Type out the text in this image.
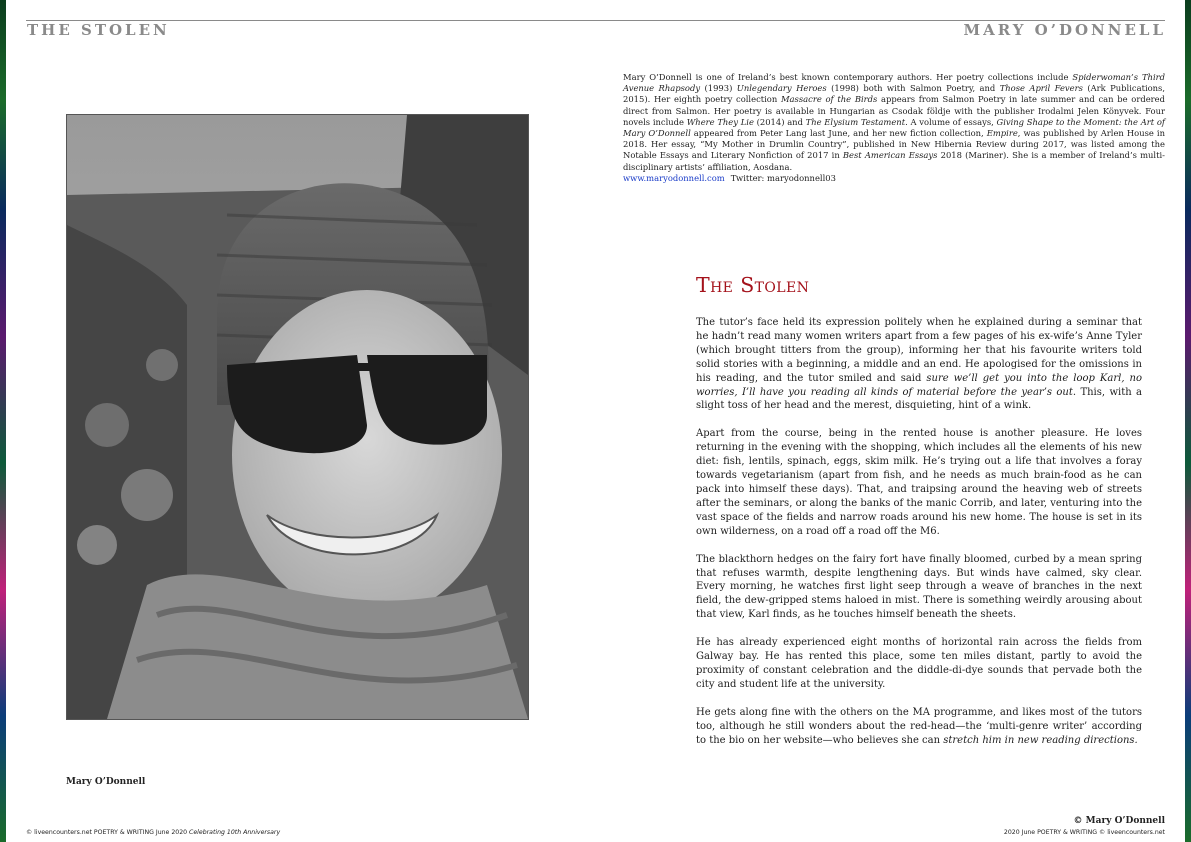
THE STOLEN	MARY O’DONNELL
Mary O’Donnell
Mary O’Donnell is one of Ireland’s best known contemporary authors. Her poetry collections include Spiderwoman’s Third Avenue Rhapsody (1993) Unlegendary Heroes (1998) both with Salmon Poetry, and Those April Fevers (Ark Publications, 2015). Her eighth poetry collection Massacre of the Birds appears from Salmon Poetry in late summer and can be ordered direct from Salmon. Her poetry is available in Hungarian as Csodak földje with the publisher Irodalmi Jelen Könyvek. Four novels include Where They Lie (2014) and The Elysium Testament. A volume of essays, Giving Shape to the Moment: the Art of Mary O’Donnell appeared from Peter Lang last June, and her new fiction collection, Empire, was published by Arlen House in 2018. Her essay, “My Mother in Drumlin Country”, published in New Hibernia Review during 2017, was listed among the Notable Essays and Literary Nonfiction of 2017 in Best American Essays 2018 (Mariner). She is a member of Ireland’s multi-disciplinary artists’ affiliation, Aosdana.
www.maryodonnell.com Twitter: maryodonnell03
The Stolen

The tutor’s face held its expression politely when he explained during a seminar that he hadn’t read many women writers apart from a few pages of his ex-wife’s Anne Tyler (which brought titters from the group), informing her that his favourite writers told solid stories with a beginning, a middle and an end. He apologised for the omissions in his reading, and the tutor smiled and said sure we’ll get you into the loop Karl, no worries, I’ll have you reading all kinds of material before the year’s out. This, with a slight toss of her head and the merest, disquieting, hint of a wink.

Apart from the course, being in the rented house is another pleasure. He loves returning in the evening with the shopping, which includes all the elements of his new diet: fish, lentils, spinach, eggs, skim milk. He’s trying out a life that involves a foray towards vegetarianism (apart from fish, and he needs as much brain-food as he can pack into himself these days). That, and traipsing around the heaving web of streets after the seminars, or along the banks of the manic Corrib, and later, venturing into the vast space of the fields and narrow roads around his new home. The house is set in its own wilderness, on a road off a road off the M6.

The blackthorn hedges on the fairy fort have finally bloomed, curbed by a mean spring that refuses warmth, despite lengthening days. But winds have calmed, sky clear. Every morning, he watches first light seep through a weave of branches in the next field, the dew-gripped stems haloed in mist. There is something weirdly arousing about that view, Karl finds, as he touches himself beneath the sheets.

He has already experienced eight months of horizontal rain across the fields from Galway bay. He has rented this place, some ten miles distant, partly to avoid the proximity of constant celebration and the diddle-di-dye sounds that pervade both the city and student life at the university.

He gets along fine with the others on the MA programme, and likes most of the tutors too, although he still wonders about the red-head—the ‘multi-genre writer’ according to the bio on her website—who believes she can stretch him in new reading directions.

© Mary O’Donnell
© liveencounters.net POETRY & WRITING June 2020 Celebrating 10th Anniversary	2020 June POETRY & WRITING © liveencounters.net
